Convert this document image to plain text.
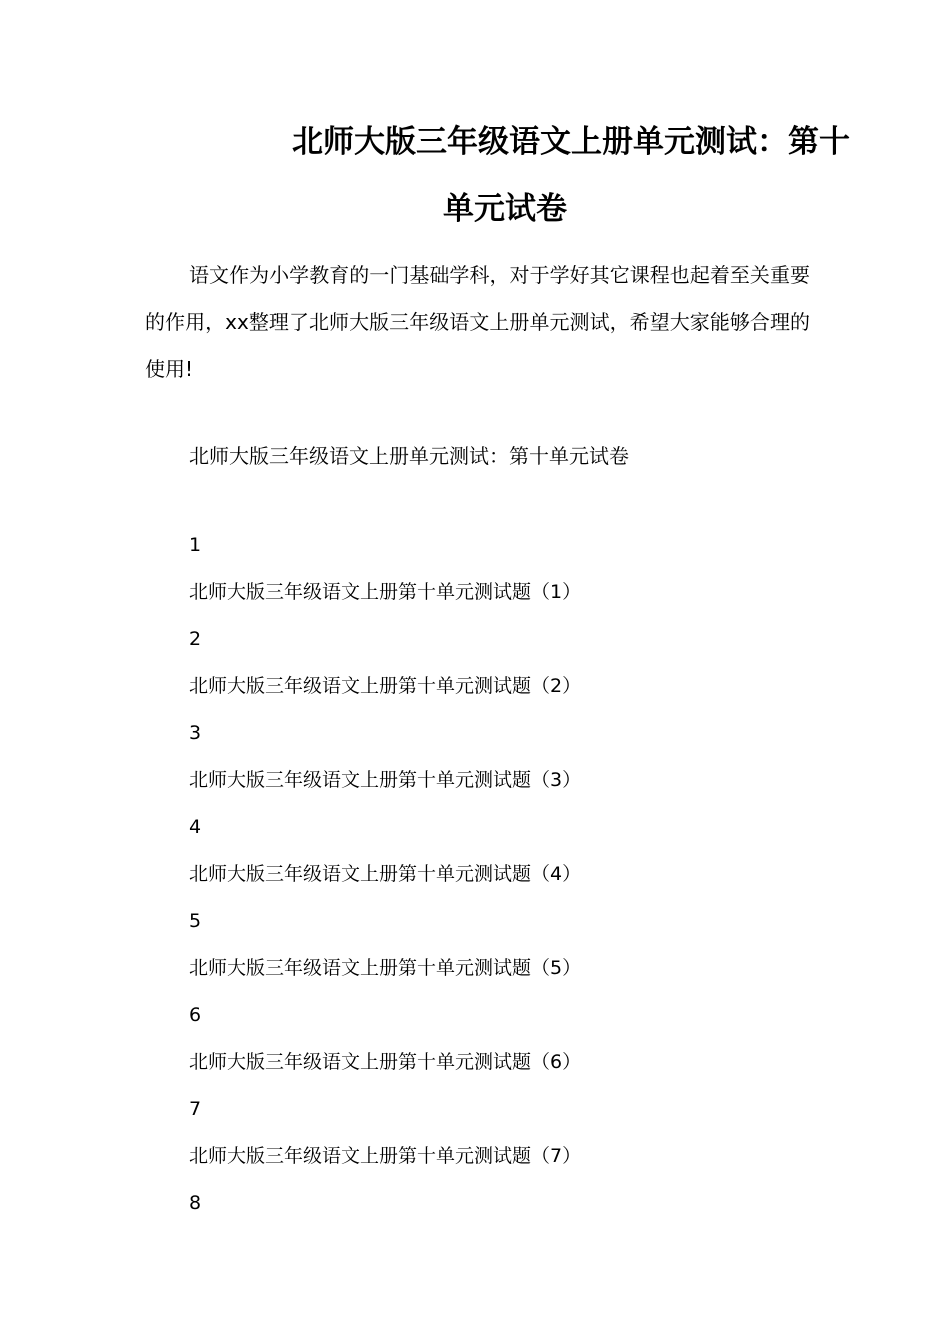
北师大版三年级语文上册单元测试：第十
单元试卷

语文作为小学教育的一门基础学科，对于学好其它课程也起着至关重要的作用，xx整理了北师大版三年级语文上册单元测试，希望大家能够合理的使用!

北师大版三年级语文上册单元测试：第十单元试卷

1
北师大版三年级语文上册第十单元测试题（1）
2
北师大版三年级语文上册第十单元测试题（2）
3
北师大版三年级语文上册第十单元测试题（3）
4
北师大版三年级语文上册第十单元测试题（4）
5
北师大版三年级语文上册第十单元测试题（5）
6
北师大版三年级语文上册第十单元测试题（6）
7
北师大版三年级语文上册第十单元测试题（7）
8
